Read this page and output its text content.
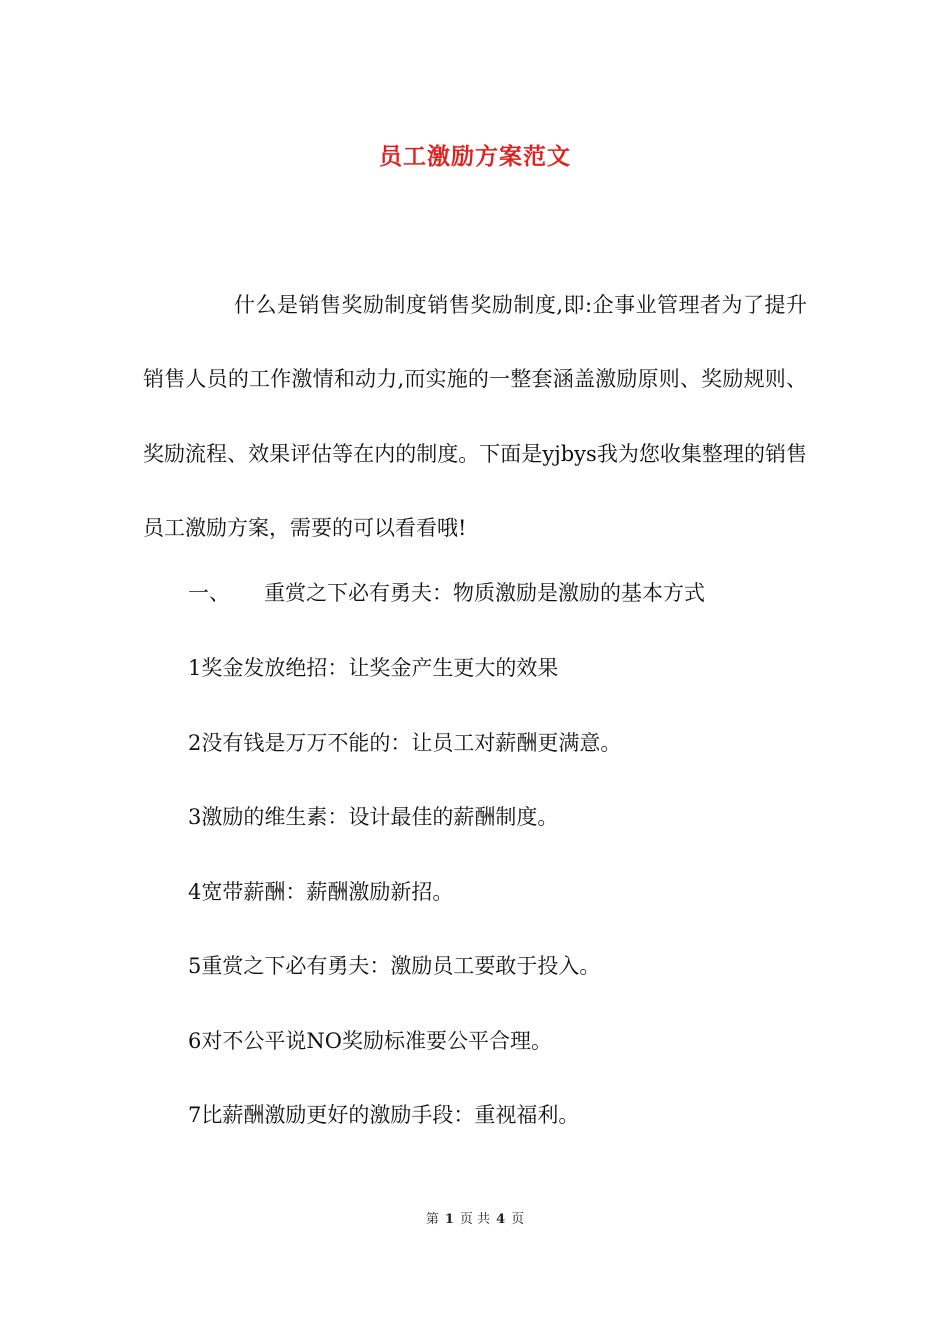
员工激励方案范文

什么是销售奖励制度销售奖励制度,即:企事业管理者为了提升销售人员的工作激情和动力,而实施的一整套涵盖激励原则、奖励规则、奖励流程、效果评估等在内的制度。下面是yjbys我为您收集整理的销售员工激励方案，需要的可以看看哦!

一、 重赏之下必有勇夫：物质激励是激励的基本方式

1奖金发放绝招：让奖金产生更大的效果

2没有钱是万万不能的：让员工对薪酬更满意。

3激励的维生素：设计最佳的薪酬制度。

4宽带薪酬：薪酬激励新招。

5重赏之下必有勇夫：激励员工要敢于投入。

6对不公平说NO奖励标准要公平合理。

7比薪酬激励更好的激励手段：重视福利。

第 1 页 共 4 页
